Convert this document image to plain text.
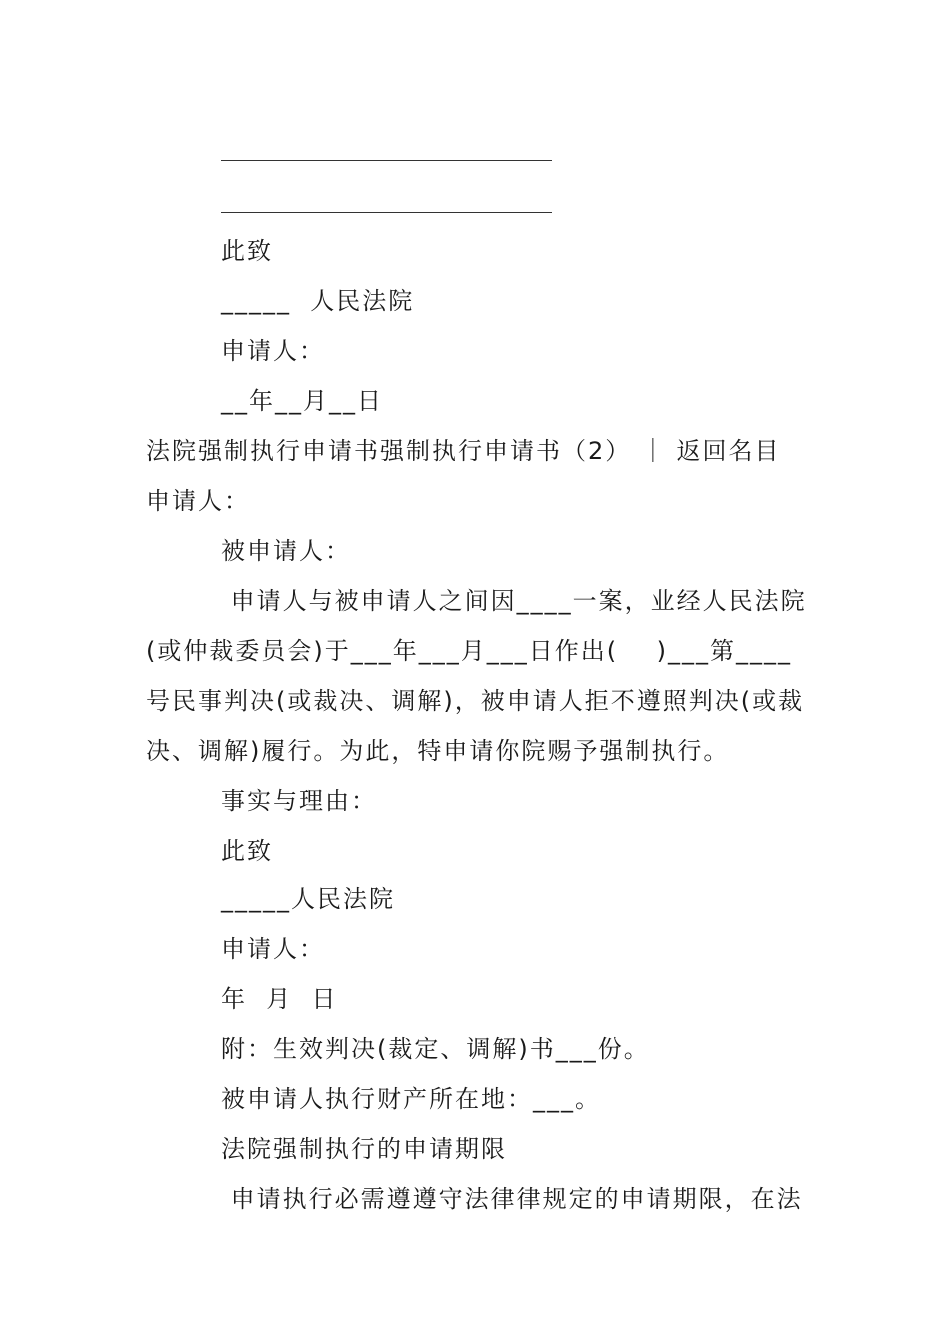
此致
_____  人民法院
申请人：
__年__月__日
法院强制执行申请书强制执行申请书（2） ｜ 返回名目
申请人：
被申请人：
申请人与被申请人之间因____一案，业经人民法院
(或仲裁委员会)于___年___月___日作出(    )___第____
号民事判决(或裁决、调解)，被申请人拒不遵照判决(或裁
决、调解)履行。为此，特申请你院赐予强制执行。
事实与理由：
此致
_____人民法院
申请人：
年  月  日
附：生效判决(裁定、调解)书___份。
被申请人执行财产所在地：___。
法院强制执行的申请期限
申请执行必需遵遵守法律律规定的申请期限，在法
